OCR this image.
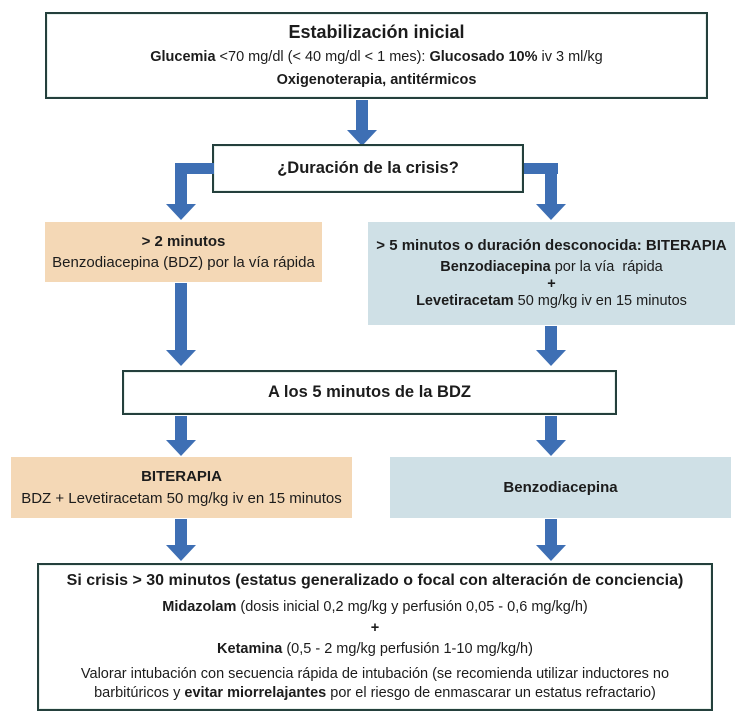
Estabilización inicial
Glucemia <70 mg/dl (< 40 mg/dl < 1 mes): Glucosado 10% iv 3 ml/kg
Oxigenoterapia, antitérmicos
¿Duración de la crisis?
> 2 minutos
Benzodiacepina (BDZ) por la vía rápida
> 5 minutos o duración desconocida: BITERAPIA
Benzodiacepina por la vía  rápida
+
Levetiracetam 50 mg/kg iv en 15 minutos
A los 5 minutos de la BDZ
BITERAPIA
BDZ + Levetiracetam 50 mg/kg iv en 15 minutos
Benzodiacepina
Si crisis > 30 minutos (estatus generalizado o focal con alteración de conciencia)
Midazolam (dosis inicial 0,2 mg/kg y perfusión 0,05 - 0,6 mg/kg/h)
+
Ketamina (0,5 - 2 mg/kg perfusión 1-10 mg/kg/h)
Valorar intubación con secuencia rápida de intubación (se recomienda utilizar inductores no barbitúricos y evitar miorrelajantes por el riesgo de enmascarar un estatus refractario)
